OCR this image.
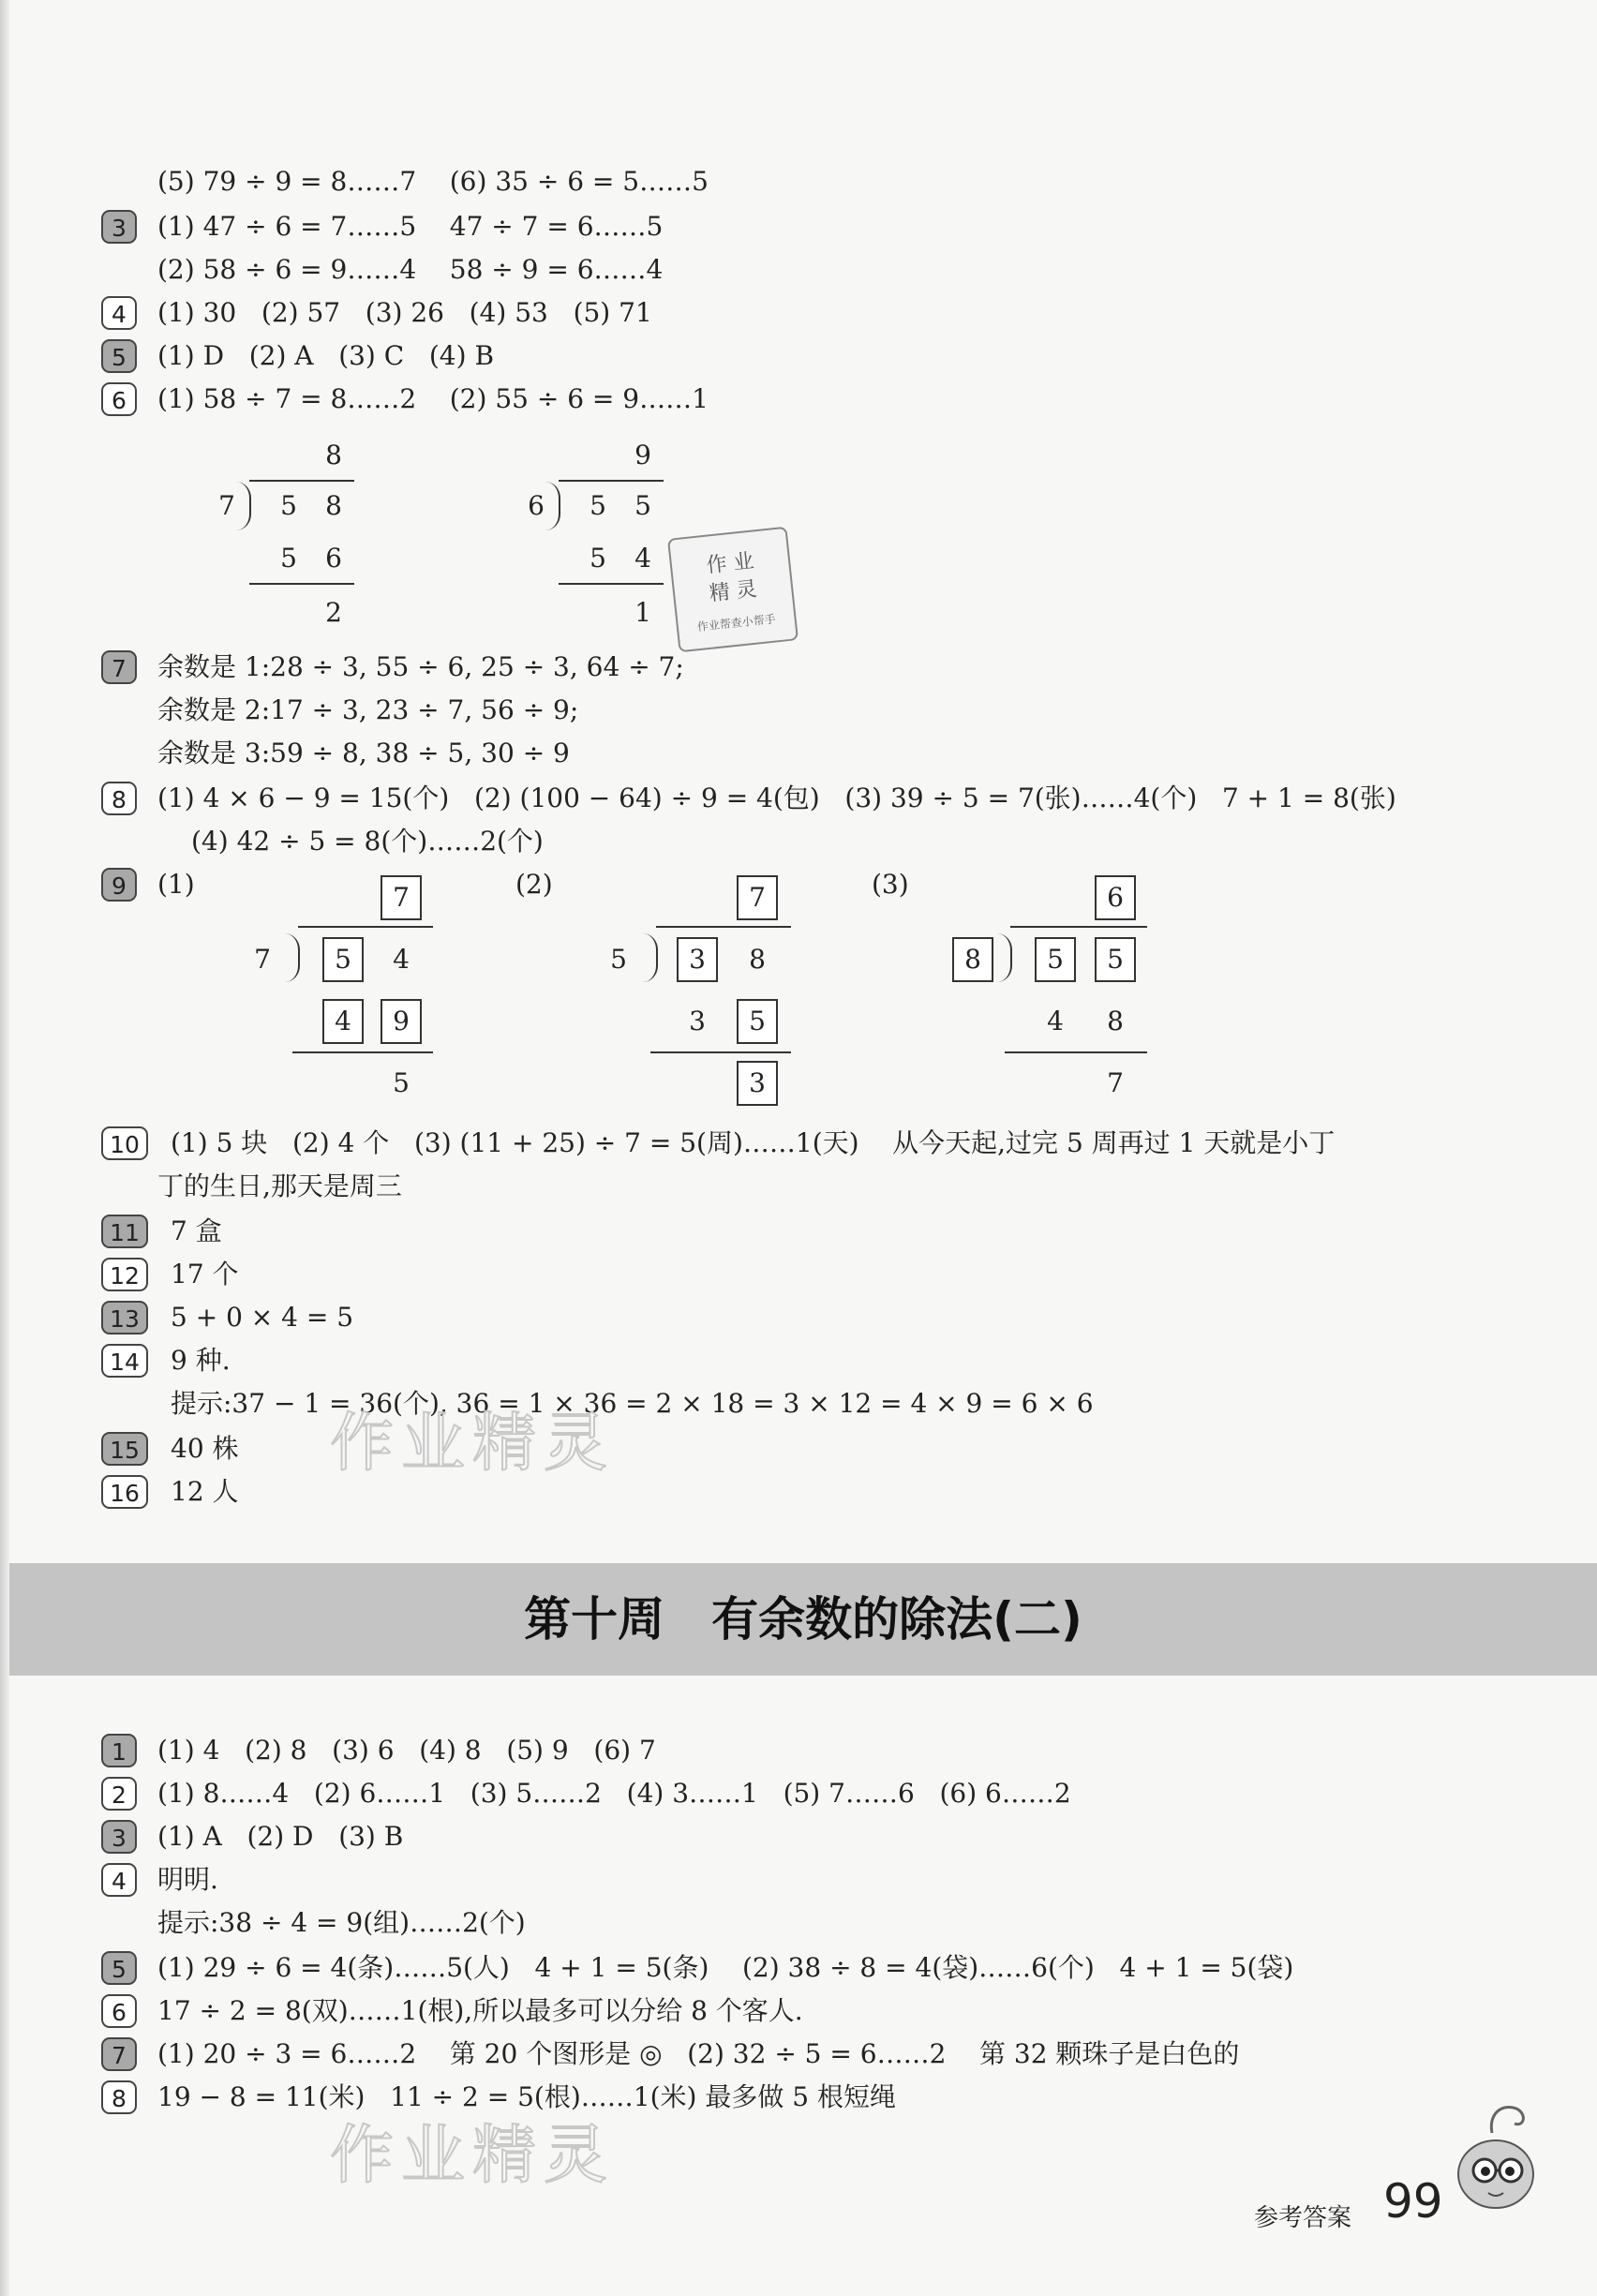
(5) 79 ÷ 9 = 8……7    (6) 35 ÷ 6 = 5……5
3	(1) 47 ÷ 6 = 7……5    47 ÷ 7 = 6……5
(2) 58 ÷ 6 = 9……4    58 ÷ 9 = 6……4
4	(1) 30   (2) 57   (3) 26   (4) 53   (5) 71
5	(1) D   (2) A   (3) C   (4) B
6	(1) 58 ÷ 7 = 8……2    (2) 55 ÷ 6 = 9……1
8
7	5	8
5	6
2
9
6	5	5
5	4
1
作 业
精 灵
作业帮查小帮手
7	余数是 1:28 ÷ 3, 55 ÷ 6, 25 ÷ 3, 64 ÷ 7;
余数是 2:17 ÷ 3, 23 ÷ 7, 56 ÷ 9;
余数是 3:59 ÷ 8, 38 ÷ 5, 30 ÷ 9
8	(1) 4 × 6 − 9 = 15(个)   (2) (100 − 64) ÷ 9 = 4(包)   (3) 39 ÷ 5 = 7(张)……4(个)   7 + 1 = 8(张)
(4) 42 ÷ 5 = 8(个)……2(个)
9	(1)	(2)	(3)
7
7	5	4
4	9
5
7
5	3	8
3	5
3
6
8	5	5
4	8
7
10	(1) 5 块   (2) 4 个   (3) (11 + 25) ÷ 7 = 5(周)……1(天)    从今天起,过完 5 周再过 1 天就是小丁
丁的生日,那天是周三
11	7 盒
12	17 个
13	5 + 0 × 4 = 5
14	9 种.
提示:37 − 1 = 36(个), 36 = 1 × 36 = 2 × 18 = 3 × 12 = 4 × 9 = 6 × 6
15	40 株
16	12 人
作业精灵
第十周　有余数的除法(二)
1	(1) 4   (2) 8   (3) 6   (4) 8   (5) 9   (6) 7
2	(1) 8……4   (2) 6……1   (3) 5……2   (4) 3……1   (5) 7……6   (6) 6……2
3	(1) A   (2) D   (3) B
4	明明.
提示:38 ÷ 4 = 9(组)……2(个)
5	(1) 29 ÷ 6 = 4(条)……5(人)   4 + 1 = 5(条)    (2) 38 ÷ 8 = 4(袋)……6(个)   4 + 1 = 5(袋)
6	17 ÷ 2 = 8(双)……1(根),所以最多可以分给 8 个客人.
7	(1) 20 ÷ 3 = 6……2    第 20 个图形是 ◎   (2) 32 ÷ 5 = 6……2    第 32 颗珠子是白色的
8	19 − 8 = 11(米)   11 ÷ 2 = 5(根)……1(米) 最多做 5 根短绳
作业精灵
参考答案 99
